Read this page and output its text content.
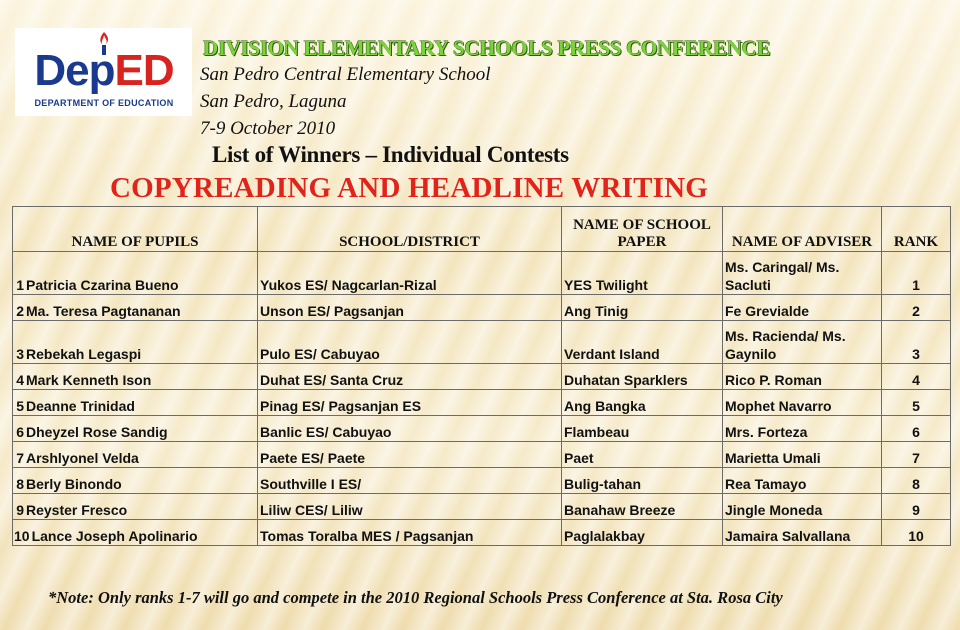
DepED
DEPARTMENT OF EDUCATION
DIVISION ELEMENTARY SCHOOLS PRESS CONFERENCE

San Pedro Central Elementary School

San Pedro, Laguna

7-9 October 2010

List of Winners – Individual Contests
COPYREADING AND HEADLINE WRITING
NAME OF PUPILS	SCHOOL/DISTRICT	NAME OF SCHOOL PAPER	NAME OF ADVISER	RANK
1 Patricia Czarina Bueno	Yukos ES/ Nagcarlan-Rizal	YES Twilight	Ms. Caringal/ Ms. Sacluti	1
2 Ma. Teresa Pagtananan	Unson ES/ Pagsanjan	Ang Tinig	Fe Grevialde	2
3 Rebekah Legaspi	Pulo ES/ Cabuyao	Verdant Island	Ms. Racienda/ Ms. Gaynilo	3
4 Mark Kenneth Ison	Duhat ES/ Santa Cruz	Duhatan Sparklers	Rico P. Roman	4
5 Deanne Trinidad	Pinag ES/ Pagsanjan ES	Ang Bangka	Mophet Navarro	5
6 Dheyzel Rose Sandig	Banlic ES/ Cabuyao	Flambeau	Mrs. Forteza	6
7 Arshlyonel Velda	Paete ES/ Paete	Paet	Marietta Umali	7
8 Berly Binondo	Southville I ES/	Bulig-tahan	Rea Tamayo	8
9 Reyster Fresco	Liliw CES/ Liliw	Banahaw Breeze	Jingle Moneda	9
10 Lance Joseph Apolinario	Tomas Toralba MES / Pagsanjan	Paglalakbay	Jamaira Salvallana	10

*Note: Only ranks 1-7 will go and compete in the 2010 Regional Schools Press Conference at Sta. Rosa City
